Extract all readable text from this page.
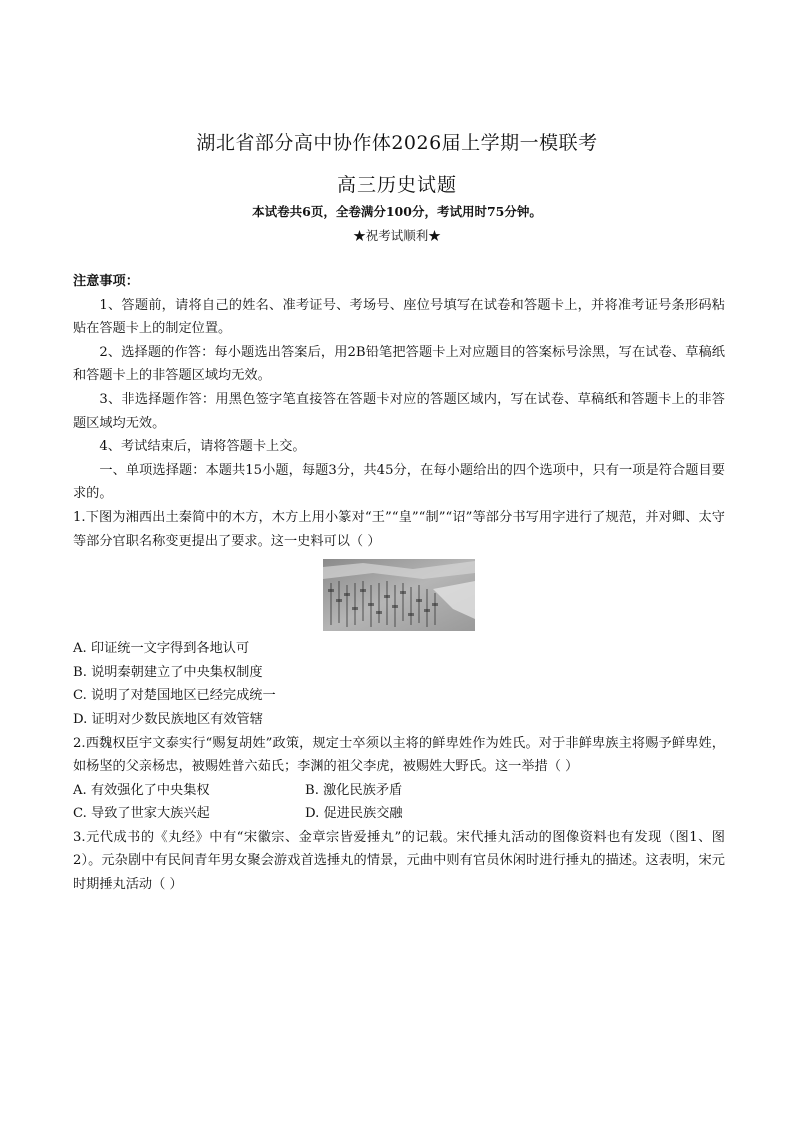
湖北省部分高中协作体2026届上学期一模联考
高三历史试题
本试卷共6页，全卷满分100分，考试用时75分钟。
★祝考试顺利★

注意事项：

1、答题前，请将自己的姓名、准考证号、考场号、座位号填写在试卷和答题卡上，并将准考证号条形码粘贴在答题卡上的制定位置。

2、选择题的作答：每小题选出答案后，用2B铅笔把答题卡上对应题目的答案标号涂黑，写在试卷、草稿纸和答题卡上的非答题区域均无效。

3、非选择题作答：用黑色签字笔直接答在答题卡对应的答题区域内，写在试卷、草稿纸和答题卡上的非答题区域均无效。

4、考试结束后，请将答题卡上交。

一、单项选择题：本题共15小题，每题3分，共45分，在每小题给出的四个选项中，只有一项是符合题目要求的。

1.下图为湘西出土秦简中的木方，木方上用小篆对“王”“皇”“制”“诏”等部分书写用字进行了规范，并对卿、太守等部分官职名称变更提出了要求。这一史料可以（ ）

A. 印证统一文字得到各地认可

B. 说明秦朝建立了中央集权制度

C. 说明了对楚国地区已经完成统一

D. 证明对少数民族地区有效管辖

2.西魏权臣宇文泰实行“赐复胡姓”政策，规定士卒须以主将的鲜卑姓作为姓氏。对于非鲜卑族主将赐予鲜卑姓，如杨坚的父亲杨忠，被赐姓普六茹氏；李渊的祖父李虎，被赐姓大野氏。这一举措（ ）

A. 有效强化了中央集权	B. 激化民族矛盾
C. 导致了世家大族兴起	D. 促进民族交融

3.元代成书的《丸经》中有“宋徽宗、金章宗皆爱捶丸”的记载。宋代捶丸活动的图像资料也有发现（图1、图2）。元杂剧中有民间青年男女聚会游戏首选捶丸的情景，元曲中则有官员休闲时进行捶丸的描述。这表明，宋元时期捶丸活动（ ）
